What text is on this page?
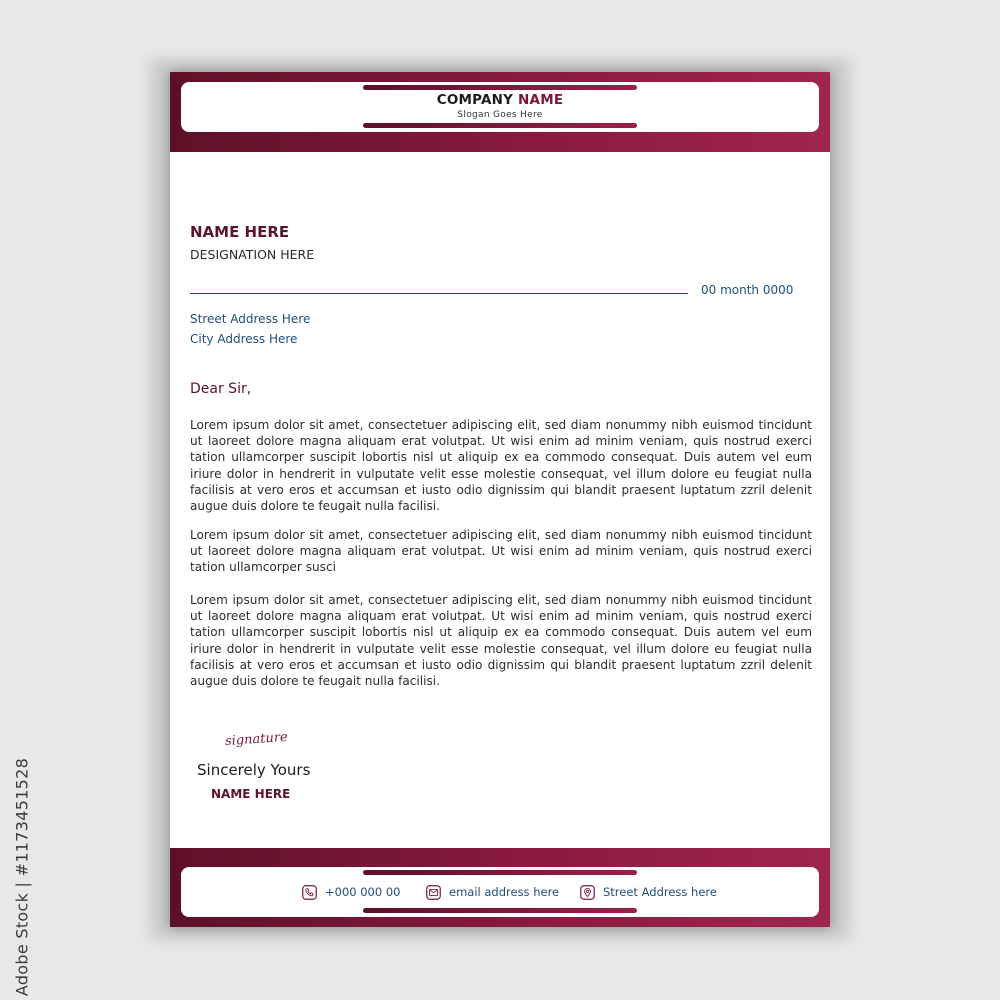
COMPANY NAME
Slogan Goes Here
NAME HERE
DESIGNATION HERE
00 month 0000
Street Address Here
City Address Here
Dear Sir,

Lorem ipsum dolor sit amet, consectetuer adipiscing elit, sed diam nonummy nibh euismod tincidunt ut laoreet dolore magna aliquam erat volutpat. Ut wisi enim ad minim veniam, quis nostrud exerci tation ullamcorper suscipit lobortis nisl ut aliquip ex ea commodo consequat. Duis autem vel eum iriure dolor in hendrerit in vulputate velit esse molestie consequat, vel illum dolore eu feugiat nulla facilisis at vero eros et accumsan et iusto odio dignissim qui blandit praesent luptatum zzril delenit augue duis dolore te feugait nulla facilisi.

Lorem ipsum dolor sit amet, consectetuer adipiscing elit, sed diam nonummy nibh euismod tincidunt ut laoreet dolore magna aliquam erat volutpat. Ut wisi enim ad minim veniam, quis nostrud exerci tation ullamcorper susci

Lorem ipsum dolor sit amet, consectetuer adipiscing elit, sed diam nonummy nibh euismod tincidunt ut laoreet dolore magna aliquam erat volutpat. Ut wisi enim ad minim veniam, quis nostrud exerci tation ullamcorper suscipit lobortis nisl ut aliquip ex ea commodo consequat. Duis autem vel eum iriure dolor in hendrerit in vulputate velit esse molestie consequat, vel illum dolore eu feugiat nulla facilisis at vero eros et accumsan et iusto odio dignissim qui blandit praesent luptatum zzril delenit augue duis dolore te feugait nulla facilisi.

signature
Sincerely Yours
NAME HERE
+000 000 00	email address here	Street Address here
Adobe Stock | #1173451528
